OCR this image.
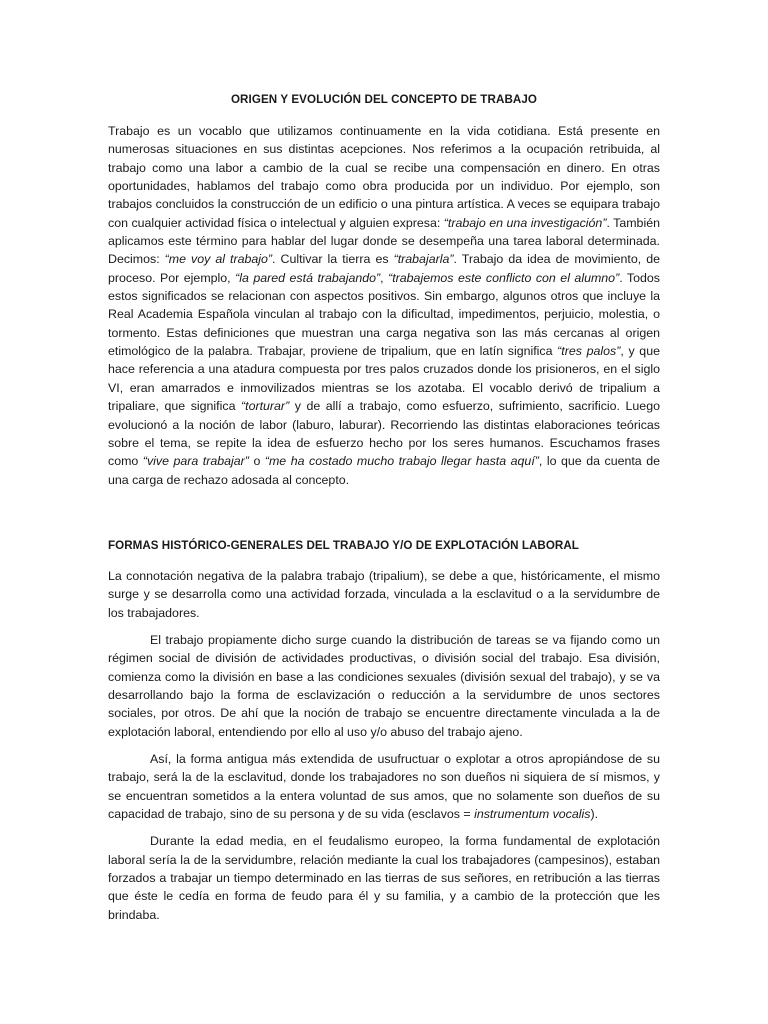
ORIGEN Y EVOLUCIÓN DEL CONCEPTO DE TRABAJO

Trabajo es un vocablo que utilizamos continuamente en la vida cotidiana. Está presente en numerosas situaciones en sus distintas acepciones. Nos referimos a la ocupación retribuida, al trabajo como una labor a cambio de la cual se recibe una compensación en dinero. En otras oportunidades, hablamos del trabajo como obra producida por un individuo. Por ejemplo, son trabajos concluidos la construcción de un edificio o una pintura artística. A veces se equipara trabajo con cualquier actividad física o intelectual y alguien expresa: “trabajo en una investigación”. También aplicamos este término para hablar del lugar donde se desempeña una tarea laboral determinada. Decimos: “me voy al trabajo”. Cultivar la tierra es “trabajarla”. Trabajo da idea de movimiento, de proceso. Por ejemplo, “la pared está trabajando”, “trabajemos este conflicto con el alumno”. Todos estos significados se relacionan con aspectos positivos. Sin embargo, algunos otros que incluye la Real Academia Española vinculan al trabajo con la dificultad, impedimentos, perjuicio, molestia, o tormento. Estas definiciones que muestran una carga negativa son las más cercanas al origen etimológico de la palabra. Trabajar, proviene de tripalium, que en latín significa “tres palos”, y que hace referencia a una atadura compuesta por tres palos cruzados donde los prisioneros, en el siglo VI, eran amarrados e inmovilizados mientras se los azotaba. El vocablo derivó de tripalium a tripaliare, que significa “torturar” y de allí a trabajo, como esfuerzo, sufrimiento, sacrificio. Luego evolucionó a la noción de labor (laburo, laburar). Recorriendo las distintas elaboraciones teóricas sobre el tema, se repite la idea de esfuerzo hecho por los seres humanos. Escuchamos frases como “vive para trabajar” o “me ha costado mucho trabajo llegar hasta aquí”, lo que da cuenta de una carga de rechazo adosada al concepto.

FORMAS HISTÓRICO-GENERALES DEL TRABAJO Y/O DE EXPLOTACIÓN LABORAL

La connotación negativa de la palabra trabajo (tripalium), se debe a que, históricamente, el mismo surge y se desarrolla como una actividad forzada, vinculada a la esclavitud o a la servidumbre de los trabajadores.

El trabajo propiamente dicho surge cuando la distribución de tareas se va fijando como un régimen social de división de actividades productivas, o división social del trabajo. Esa división, comienza como la división en base a las condiciones sexuales (división sexual del trabajo), y se va desarrollando bajo la forma de esclavización o reducción a la servidumbre de unos sectores sociales, por otros. De ahí que la noción de trabajo se encuentre directamente vinculada a la de explotación laboral, entendiendo por ello al uso y/o abuso del trabajo ajeno.

Así, la forma antigua más extendida de usufructuar o explotar a otros apropiándose de su trabajo, será la de la esclavitud, donde los trabajadores no son dueños ni siquiera de sí mismos, y se encuentran sometidos a la entera voluntad de sus amos, que no solamente son dueños de su capacidad de trabajo, sino de su persona y de su vida (esclavos = instrumentum vocalis).

Durante la edad media, en el feudalismo europeo, la forma fundamental de explotación laboral sería la de la servidumbre, relación mediante la cual los trabajadores (campesinos), estaban forzados a trabajar un tiempo determinado en las tierras de sus señores, en retribución a las tierras que éste le cedía en forma de feudo para él y su familia, y a cambio de la protección que les brindaba.
